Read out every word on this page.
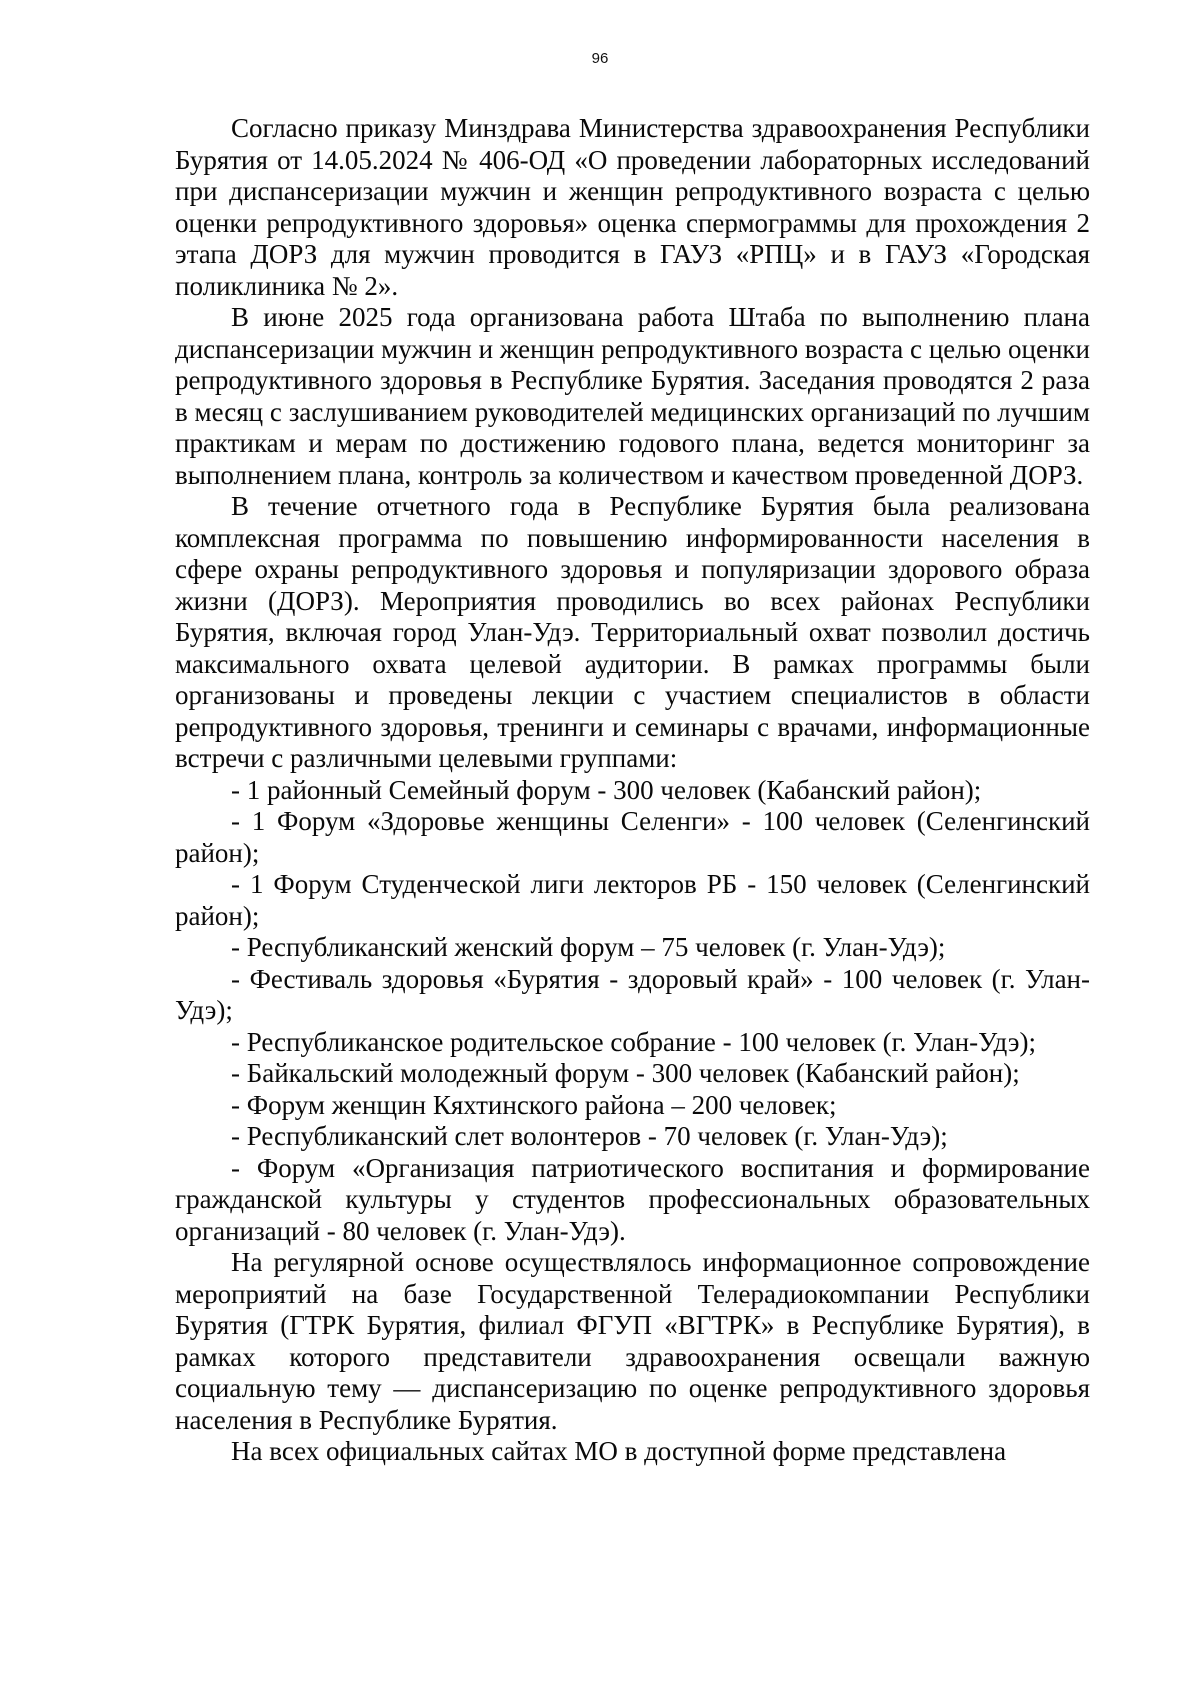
96

Согласно приказу Минздрава Министерства здравоохранения Республики Бурятия от 14.05.2024 № 406-ОД «О проведении лабораторных исследований при диспансеризации мужчин и женщин репродуктивного возраста с целью оценки репродуктивного здоровья» оценка спермограммы для прохождения 2 этапа ДОРЗ для мужчин проводится в ГАУЗ «РПЦ» и в ГАУЗ «Городская поликлиника № 2».

В июне 2025 года организована работа Штаба по выполнению плана диспансеризации мужчин и женщин репродуктивного возраста с целью оценки репродуктивного здоровья в Республике Бурятия. Заседания проводятся 2 раза в месяц с заслушиванием руководителей медицинских организаций по лучшим практикам и мерам по достижению годового плана, ведется мониторинг за выполнением плана, контроль за количеством и качеством проведенной ДОРЗ.

В течение отчетного года в Республике Бурятия была реализована комплексная программа по повышению информированности населения в сфере охраны репродуктивного здоровья и популяризации здорового образа жизни (ДОРЗ). Мероприятия проводились во всех районах Республики Бурятия, включая город Улан-Удэ. Территориальный охват позволил достичь максимального охвата целевой аудитории. В рамках программы были организованы и проведены лекции с участием специалистов в области репродуктивного здоровья, тренинги и семинары с врачами, информационные встречи с различными целевыми группами:

- 1 районный Семейный форум - 300 человек (Кабанский район);

- 1 Форум «Здоровье женщины Селенги» - 100 человек (Селенгинский район);

- 1 Форум Студенческой лиги лекторов РБ - 150 человек (Селенгинский район);

- Республиканский женский форум – 75 человек (г. Улан-Удэ);

- Фестиваль здоровья «Бурятия - здоровый край» - 100 человек (г. Улан-Удэ);

- Республиканское родительское собрание - 100 человек (г. Улан-Удэ);

- Байкальский молодежный форум - 300 человек (Кабанский район);

- Форум женщин Кяхтинского района – 200 человек;

- Республиканский слет волонтеров - 70 человек (г. Улан-Удэ);

- Форум «Организация патриотического воспитания и формирование гражданской культуры у студентов профессиональных образовательных организаций - 80 человек (г. Улан-Удэ).

На регулярной основе осуществлялось информационное сопровождение мероприятий на базе Государственной Телерадиокомпании Республики Бурятия (ГТРК Бурятия, филиал ФГУП «ВГТРК» в Республике Бурятия), в рамках которого представители здравоохранения освещали важную социальную тему — диспансеризацию по оценке репродуктивного здоровья населения в Республике Бурятия.

На всех официальных сайтах МО в доступной форме представлена
